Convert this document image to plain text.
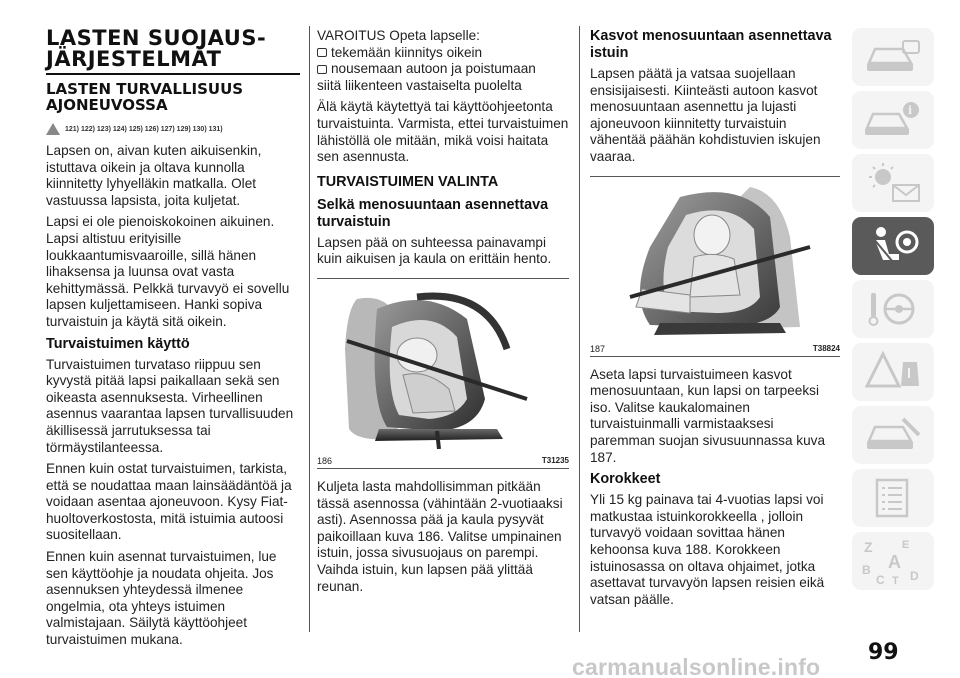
LASTEN SUOJAUS-
JÄRJESTELMÄT
LASTEN TURVALLISUUS
AJONEUVOSSA
121) 122) 123) 124) 125) 126) 127) 129) 130) 131)

Lapsen on, aivan kuten aikuisenkin, istuttava oikein ja oltava kunnolla kiinnitetty lyhyelläkin matkalla. Olet vastuussa lapsista, joita kuljetat.

Lapsi ei ole pienoiskokoinen aikuinen. Lapsi altistuu erityisille loukkaantumisvaaroille, sillä hänen lihaksensa ja luunsa ovat vasta kehittymässä. Pelkkä turvavyö ei sovellu lapsen kuljettamiseen. Hanki sopiva turvaistuin ja käytä sitä oikein.

Turvaistuimen käyttö

Turvaistuimen turvataso riippuu sen kyvystä pitää lapsi paikallaan sekä sen oikeasta asennuksesta. Virheellinen asennus vaarantaa lapsen turvallisuuden äkillisessä jarrutuksessa tai törmäystilanteessa.

Ennen kuin ostat turvaistuimen, tarkista, että se noudattaa maan lainsäädäntöä ja voidaan asentaa ajoneuvoon. Kysy Fiat-huoltoverkostosta, mitä istuimia autoosi suositellaan.

Ennen kuin asennat turvaistuimen, lue sen käyttöohje ja noudata ohjeita. Jos asennuksen yhteydessä ilmenee ongelmia, ota yhteys istuimen valmistajaan. Säilytä käyttöohjeet turvaistuimen mukana.

VAROITUS Opeta lapselle:

tekemään kiinnitys oikein
nousemaan autoon ja poistumaan

siitä liikenteen vastaiselta puolelta

Älä käytä käytettyä tai käyttöohjeetonta turvaistuinta. Varmista, ettei turvaistuimen lähistöllä ole mitään, mikä voisi haitata sen asennusta.

TURVAISTUIMEN VALINTA
Selkä menosuuntaan asennettava turvaistuin

Lapsen pää on suhteessa painavampi kuin aikuisen ja kaula on erittäin hento.

186	T31235

Kuljeta lasta mahdollisimman pitkään tässä asennossa (vähintään 2-vuotiaaksi asti). Asennossa pää ja kaula pysyvät paikoillaan kuva 186. Valitse umpinainen istuin, jossa sivusuojaus on parempi. Vaihda istuin, kun lapsen pää ylittää reunan.

Kasvot menosuuntaan asennettava istuin

Lapsen päätä ja vatsaa suojellaan ensisijaisesti. Kiinteästi autoon kasvot menosuuntaan asennettu ja lujasti ajoneuvoon kiinnitetty turvaistuin vähentää päähän kohdistuvien iskujen vaaraa.

187	T38824

Aseta lapsi turvaistuimeen kasvot menosuuntaan, kun lapsi on tarpeeksi iso. Valitse kaukalomainen turvaistuinmalli varmistaaksesi paremman suojan sivusuunnassa kuva 187.

Korokkeet

Yli 15 kg painava tai 4-vuotias lapsi voi matkustaa istuinkorokkeella , jolloin turvavyö voidaan sovittaa hänen kehoonsa kuva 188. Korokkeen istuinosassa on oltava ohjaimet, jotka asettavat turvavyön lapsen reisien eikä vatsan päälle.

i
Z	E
B A
C T D
99
carmanualsonline.info
